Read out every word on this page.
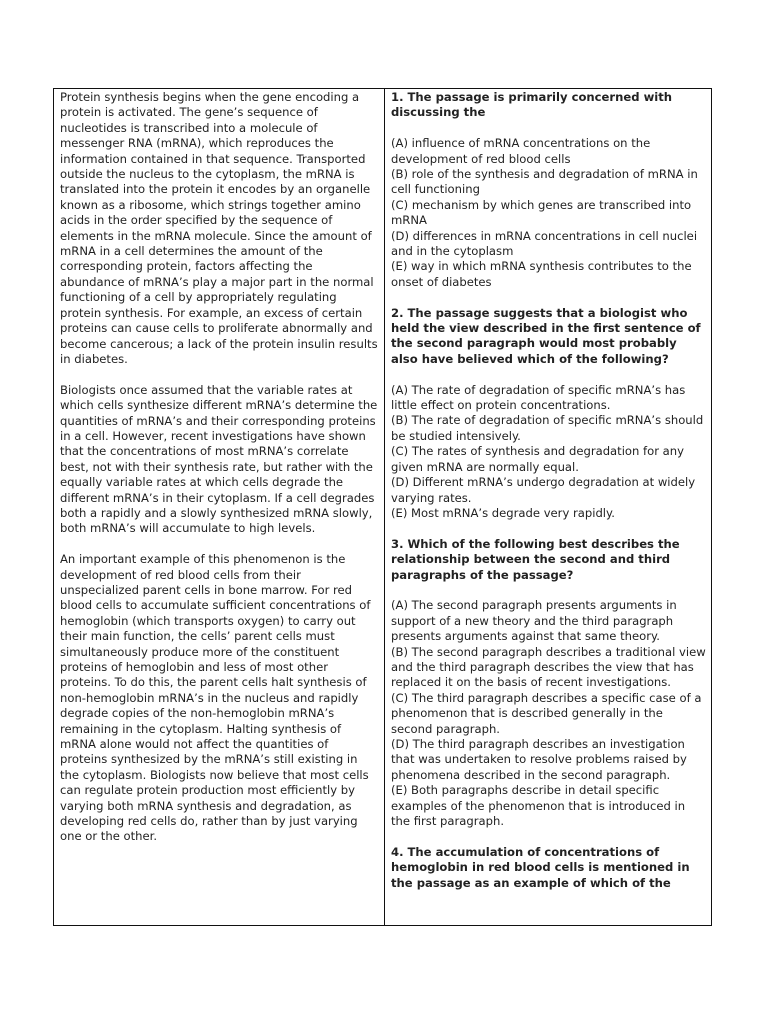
Protein synthesis begins when the gene encoding a protein is activated. The gene’s sequence of nucleotides is transcribed into a molecule of messenger RNA (mRNA), which reproduces the information contained in that sequence. Transported outside the nucleus to the cytoplasm, the mRNA is translated into the protein it encodes by an organelle known as a ribosome, which strings together amino acids in the order specified by the sequence of elements in the mRNA molecule. Since the amount of mRNA in a cell determines the amount of the corresponding protein, factors affecting the abundance of mRNA’s play a major part in the normal functioning of a cell by appropriately regulating protein synthesis. For example, an excess of certain proteins can cause cells to proliferate abnormally and become cancerous; a lack of the protein insulin results in diabetes.

Biologists once assumed that the variable rates at which cells synthesize different mRNA’s determine the quantities of mRNA’s and their corresponding proteins in a cell. However, recent investigations have shown that the concentrations of most mRNA’s correlate best, not with their synthesis rate, but rather with the equally variable rates at which cells degrade the different mRNA’s in their cytoplasm. If a cell degrades both a rapidly and a slowly synthesized mRNA slowly, both mRNA’s will accumulate to high levels.

An important example of this phenomenon is the development of red blood cells from their unspecialized parent cells in bone marrow. For red blood cells to accumulate sufficient concentrations of hemoglobin (which transports oxygen) to carry out their main function, the cells’ parent cells must simultaneously produce more of the constituent proteins of hemoglobin and less of most other proteins. To do this, the parent cells halt synthesis of non-hemoglobin mRNA’s in the nucleus and rapidly degrade copies of the non-hemoglobin mRNA’s remaining in the cytoplasm. Halting synthesis of mRNA alone would not affect the quantities of proteins synthesized by the mRNA’s still existing in the cytoplasm. Biologists now believe that most cells can regulate protein production most efficiently by varying both mRNA synthesis and degradation, as developing red cells do, rather than by just varying one or the other.

1. The passage is primarily concerned with discussing the

(A) influence of mRNA concentrations on the development of red blood cells

(B) role of the synthesis and degradation of mRNA in cell functioning

(C) mechanism by which genes are transcribed into mRNA

(D) differences in mRNA concentrations in cell nuclei and in the cytoplasm

(E) way in which mRNA synthesis contributes to the onset of diabetes

2. The passage suggests that a biologist who held the view described in the first sentence of the second paragraph would most probably also have believed which of the following?

(A) The rate of degradation of specific mRNA’s has little effect on protein concentrations.

(B) The rate of degradation of specific mRNA’s should be studied intensively.

(C) The rates of synthesis and degradation for any given mRNA are normally equal.

(D) Different mRNA’s undergo degradation at widely varying rates.

(E) Most mRNA’s degrade very rapidly.

3. Which of the following best describes the relationship between the second and third paragraphs of the passage?

(A) The second paragraph presents arguments in support of a new theory and the third paragraph presents arguments against that same theory.

(B) The second paragraph describes a traditional view and the third paragraph describes the view that has replaced it on the basis of recent investigations.

(C) The third paragraph describes a specific case of a phenomenon that is described generally in the second paragraph.

(D) The third paragraph describes an investigation that was undertaken to resolve problems raised by phenomena described in the second paragraph.

(E) Both paragraphs describe in detail specific examples of the phenomenon that is introduced in the first paragraph.

4. The accumulation of concentrations of hemoglobin in red blood cells is mentioned in the passage as an example of which of the
